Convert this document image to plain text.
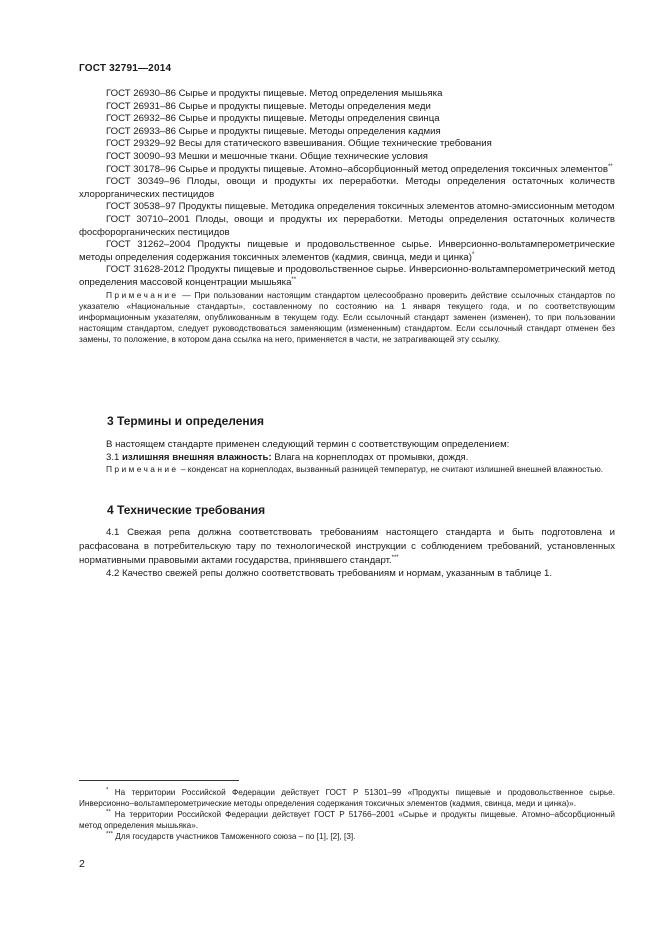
ГОСТ 32791—2014

ГОСТ 26930–86 Сырье и продукты пищевые. Метод определения мышьяка

ГОСТ 26931–86 Сырье и продукты пищевые. Методы определения меди

ГОСТ 26932–86 Сырье и продукты пищевые. Методы определения свинца

ГОСТ 26933–86 Сырье и продукты пищевые. Методы определения кадмия

ГОСТ 29329–92 Весы для статического взвешивания. Общие технические требования

ГОСТ 30090–93 Мешки и мешочные ткани. Общие технические условия

ГОСТ 30178–96 Сырье и продукты пищевые. Атомно–абсорбционный метод определения токсичных элементов**

ГОСТ 30349–96 Плоды, овощи и продукты их переработки. Методы определения остаточных количеств хлорорганических пестицидов

ГОСТ 30538–97 Продукты пищевые. Методика определения токсичных элементов атомно-эмиссионным методом

ГОСТ 30710–2001 Плоды, овощи и продукты их переработки. Методы определения остаточных количеств фосфорорганических пестицидов

ГОСТ 31262–2004 Продукты пищевые и продовольственное сырье. Инверсионно-вольтамперометрические методы определения содержания токсичных элементов (кадмия, свинца, меди и цинка)*

ГОСТ 31628-2012 Продукты пищевые и продовольственное сырье. Инверсионно-вольтамперометрический метод определения массовой концентрации мышьяка**

Примечание — При пользовании настоящим стандартом целесообразно проверить действие ссылочных стандартов по указателю «Национальные стандарты», составленному по состоянию на 1 января текущего года, и по соответствующим информационным указателям, опубликованным в текущем году. Если ссылочный стандарт заменен (изменен), то при пользовании настоящим стандартом, следует руководствоваться заменяющим (измененным) стандартом. Если ссылочный стандарт отменен без замены, то положение, в котором дана ссылка на него, применяется в части, не затрагивающей эту ссылку.

3 Термины и определения

В настоящем стандарте применен следующий термин с соответствующим определением:

3.1 излишняя внешняя влажность: Влага на корнеплодах от промывки, дождя.

Примечание – конденсат на корнеплодах, вызванный разницей температур, не считают излишней внешней влажностью.

4 Технические требования

4.1 Свежая репа должна соответствовать требованиям настоящего стандарта и быть подготовлена и расфасована в потребительскую тару по технологической инструкции с соблюдением требований, установленных нормативными правовыми актами государства, принявшего стандарт.***

4.2 Качество свежей репы должно соответствовать требованиям и нормам, указанным в таблице 1.

* На территории Российской Федерации действует ГОСТ Р 51301–99 «Продукты пищевые и продовольственное сырье. Инверсионно–вольтамперометрические методы определения содержания токсичных элементов (кадмия, свинца, меди и цинка)».

** На территории Российской Федерации действует ГОСТ Р 51766–2001 «Сырье и продукты пищевые. Атомно–абсорбционный метод определения мышьяка».

*** Для государств участников Таможенного союза – по [1], [2], [3].

2
